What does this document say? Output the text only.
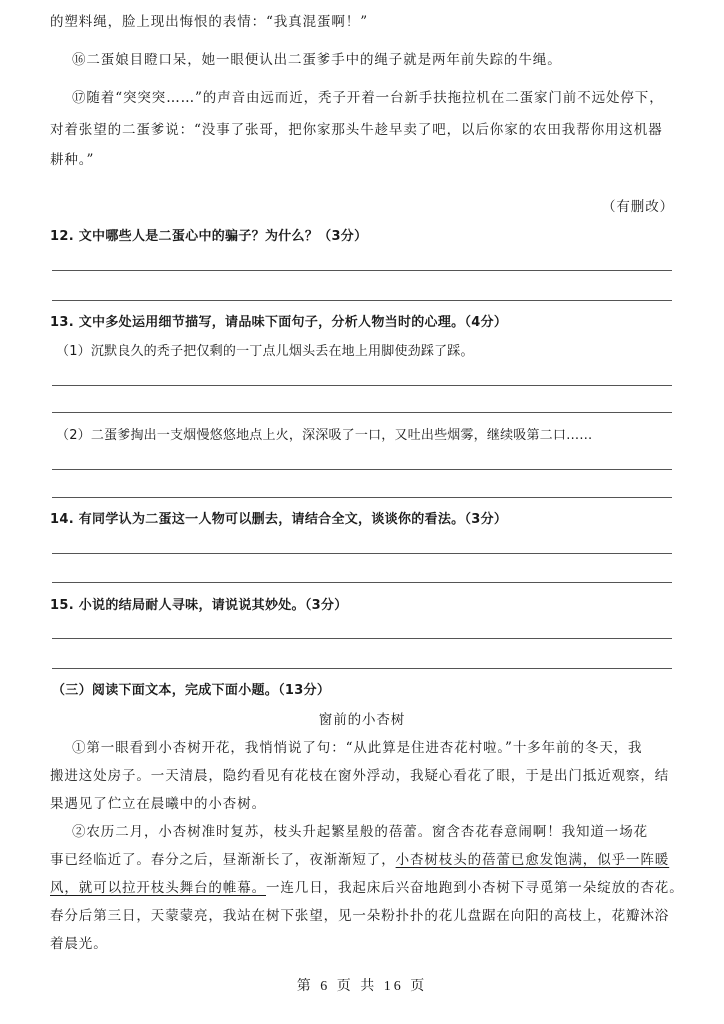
的塑料绳，脸上现出悔恨的表情：“我真混蛋啊！”
⑯二蛋娘目瞪口呆，她一眼便认出二蛋爹手中的绳子就是两年前失踪的牛绳。
⑰随着“突突突……”的声音由远而近，秃子开着一台新手扶拖拉机在二蛋家门前不远处停下，
对着张望的二蛋爹说：“没事了张哥，把你家那头牛趁早卖了吧，以后你家的农田我帮你用这机器
耕种。”
（有删改）
12. 文中哪些人是二蛋心中的骗子？为什么？（3分）
13. 文中多处运用细节描写，请品味下面句子，分析人物当时的心理。（4分）
（1）沉默良久的秃子把仅剩的一丁点儿烟头丢在地上用脚使劲踩了踩。
（2）二蛋爹掏出一支烟慢悠悠地点上火，深深吸了一口，又吐出些烟雾，继续吸第二口……
14. 有同学认为二蛋这一人物可以删去，请结合全文，谈谈你的看法。（3分）
15. 小说的结局耐人寻味，请说说其妙处。（3分）
（三）阅读下面文本，完成下面小题。（13分）
窗前的小杏树
①第一眼看到小杏树开花，我悄悄说了句：“从此算是住进杏花村啦。”十多年前的冬天，我
搬进这处房子。一天清晨，隐约看见有花枝在窗外浮动，我疑心看花了眼，于是出门抵近观察，结
果遇见了伫立在晨曦中的小杏树。
②农历二月，小杏树准时复苏，枝头升起繁星般的蓓蕾。窗含杏花春意闹啊！我知道一场花
事已经临近了。春分之后，昼渐渐长了，夜渐渐短了，小杏树枝头的蓓蕾已愈发饱满，似乎一阵暖
风，就可以拉开枝头舞台的帷幕。一连几日，我起床后兴奋地跑到小杏树下寻觅第一朵绽放的杏花。
春分后第三日，天蒙蒙亮，我站在树下张望，见一朵粉扑扑的花儿盘踞在向阳的高枝上，花瓣沐浴
着晨光。
第 6 页 共 16 页
